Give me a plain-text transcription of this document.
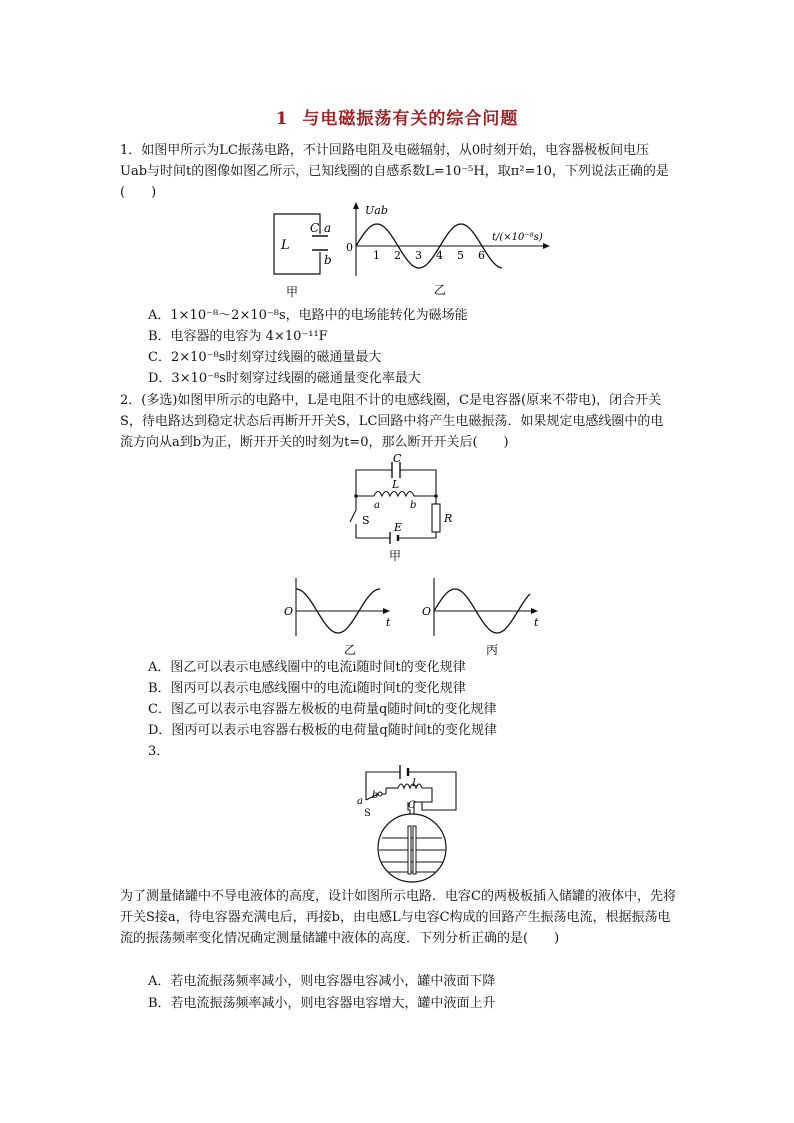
1 与电磁振荡有关的综合问题
1．如图甲所示为LC振荡电路，不计回路电阻及电磁辐射，从0时刻开始，电容器极板间电压Uab与时间t的图像如图乙所示，已知线圈的自感系数L=10⁻⁵H，取π²=10，下列说法正确的是(　　)
L
C a
b
甲
Uab
0
1 2 3 4 5 6
t/(×10⁻⁸s)
乙
A．1×10⁻⁸～2×10⁻⁸s，电路中的电场能转化为磁场能
B．电容器的电容为 4×10⁻¹¹F
C．2×10⁻⁸s时刻穿过线圈的磁通量最大
D．3×10⁻⁸s时刻穿过线圈的磁通量变化率最大
2．(多选)如图甲所示的电路中，L是电阻不计的电感线圈，C是电容器(原来不带电)，闭合开关S，待电路达到稳定状态后再断开开关S，LC回路中将产生电磁振荡．如果规定电感线圈中的电流方向从a到b为正，断开开关的时刻为t=0，那么断开开关后(　　)
C
L
a	b
S
E
R
甲
O
t
乙
O
t
丙
A．图乙可以表示电感线圈中的电流i随时间t的变化规律
B．图丙可以表示电感线圈中的电流i随时间t的变化规律
C．图乙可以表示电容器左极板的电荷量q随时间t的变化规律
D．图丙可以表示电容器右极板的电荷量q随时间t的变化规律
3．
L
C
b
a
S
为了测量储罐中不导电液体的高度，设计如图所示电路．电容C的两极板插入储罐的液体中，先将开关S接a，待电容器充满电后，再接b，由电感L与电容C构成的回路产生振荡电流，根据振荡电流的振荡频率变化情况确定测量储罐中液体的高度．下列分析正确的是(　　)
A．若电流振荡频率减小，则电容器电容减小，罐中液面下降
B．若电流振荡频率减小，则电容器电容增大，罐中液面上升
